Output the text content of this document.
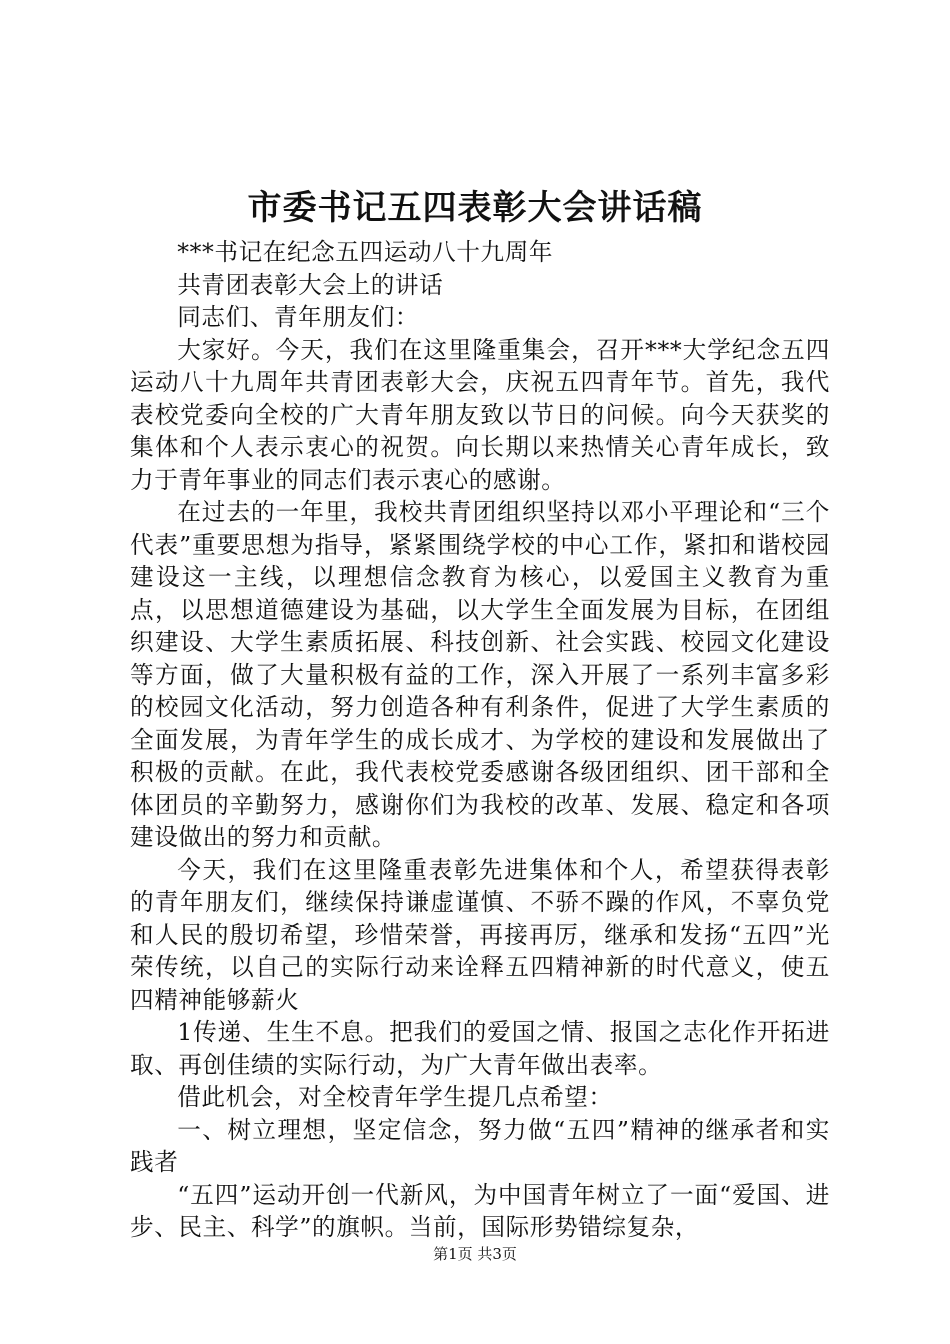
市委书记五四表彰大会讲话稿

***书记在纪念五四运动八十九周年

共青团表彰大会上的讲话

同志们、青年朋友们：

大家好。今天，我们在这里隆重集会，召开***大学纪念五四运动八十九周年共青团表彰大会，庆祝五四青年节。首先，我代表校党委向全校的广大青年朋友致以节日的问候。向今天获奖的集体和个人表示衷心的祝贺。向长期以来热情关心青年成长，致力于青年事业的同志们表示衷心的感谢。

在过去的一年里，我校共青团组织坚持以邓小平理论和“三个代表”重要思想为指导，紧紧围绕学校的中心工作，紧扣和谐校园建设这一主线，以理想信念教育为核心，以爱国主义教育为重点，以思想道德建设为基础，以大学生全面发展为目标，在团组织建设、大学生素质拓展、科技创新、社会实践、校园文化建设等方面，做了大量积极有益的工作，深入开展了一系列丰富多彩的校园文化活动，努力创造各种有利条件，促进了大学生素质的全面发展，为青年学生的成长成才、为学校的建设和发展做出了积极的贡献。在此，我代表校党委感谢各级团组织、团干部和全体团员的辛勤努力，感谢你们为我校的改革、发展、稳定和各项建设做出的努力和贡献。

今天，我们在这里隆重表彰先进集体和个人，希望获得表彰的青年朋友们，继续保持谦虚谨慎、不骄不躁的作风，不辜负党和人民的殷切希望，珍惜荣誉，再接再厉，继承和发扬“五四”光荣传统，以自己的实际行动来诠释五四精神新的时代意义，使五四精神能够薪火

1传递、生生不息。把我们的爱国之情、报国之志化作开拓进取、再创佳绩的实际行动，为广大青年做出表率。

借此机会，对全校青年学生提几点希望：

一、树立理想，坚定信念，努力做“五四”精神的继承者和实践者

“五四”运动开创一代新风，为中国青年树立了一面“爱国、进步、民主、科学”的旗帜。当前，国际形势错综复杂，

第1页 共3页
